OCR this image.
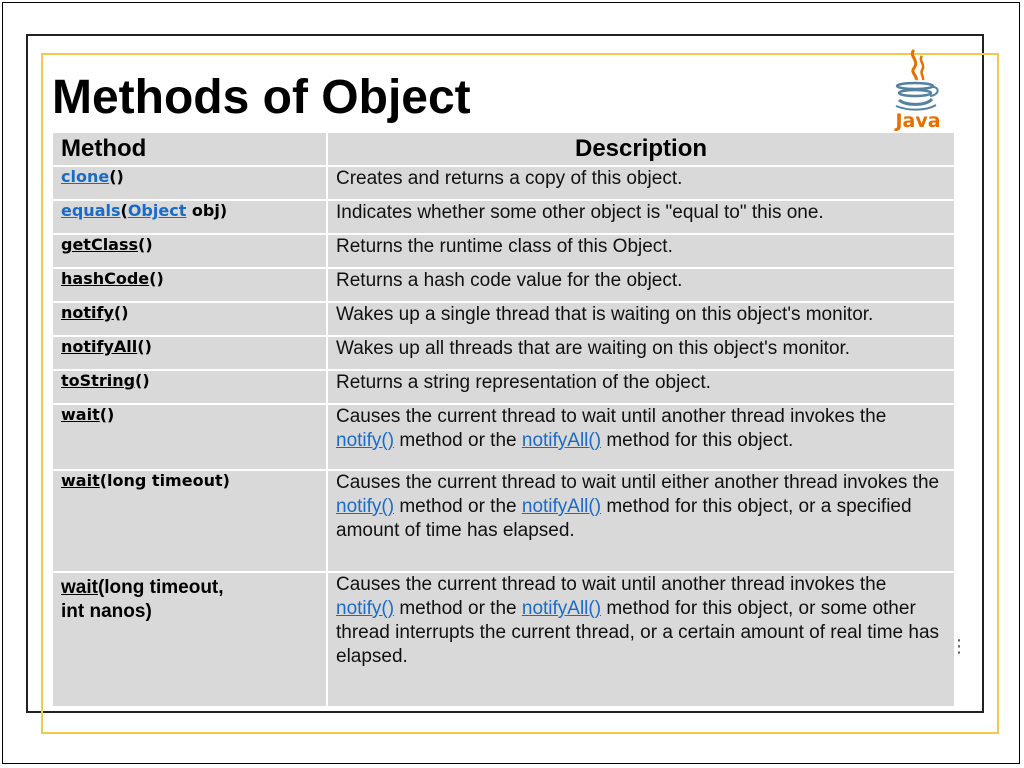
Methods of Object	Java
Method	Description
clone()	Creates and returns a copy of this object.
equals(Object obj)	Indicates whether some other object is "equal to" this one.
getClass()	Returns the runtime class of this Object.
hashCode()	Returns a hash code value for the object.
notify()	Wakes up a single thread that is waiting on this object's monitor.
notifyAll()	Wakes up all threads that are waiting on this object's monitor.
toString()	Returns a string representation of the object.
wait()	Causes the current thread to wait until another thread invokes the
notify() method or the notifyAll() method for this object.
wait(long timeout)	Causes the current thread to wait until either another thread invokes the notify() method or the notifyAll() method for this object, or a specified amount of time has elapsed.
wait(long timeout,
int nanos)	Causes the current thread to wait until another thread invokes the
notify() method or the notifyAll() method for this object, or some other thread interrupts the current thread, or a certain amount of real time has elapsed.	⋮
